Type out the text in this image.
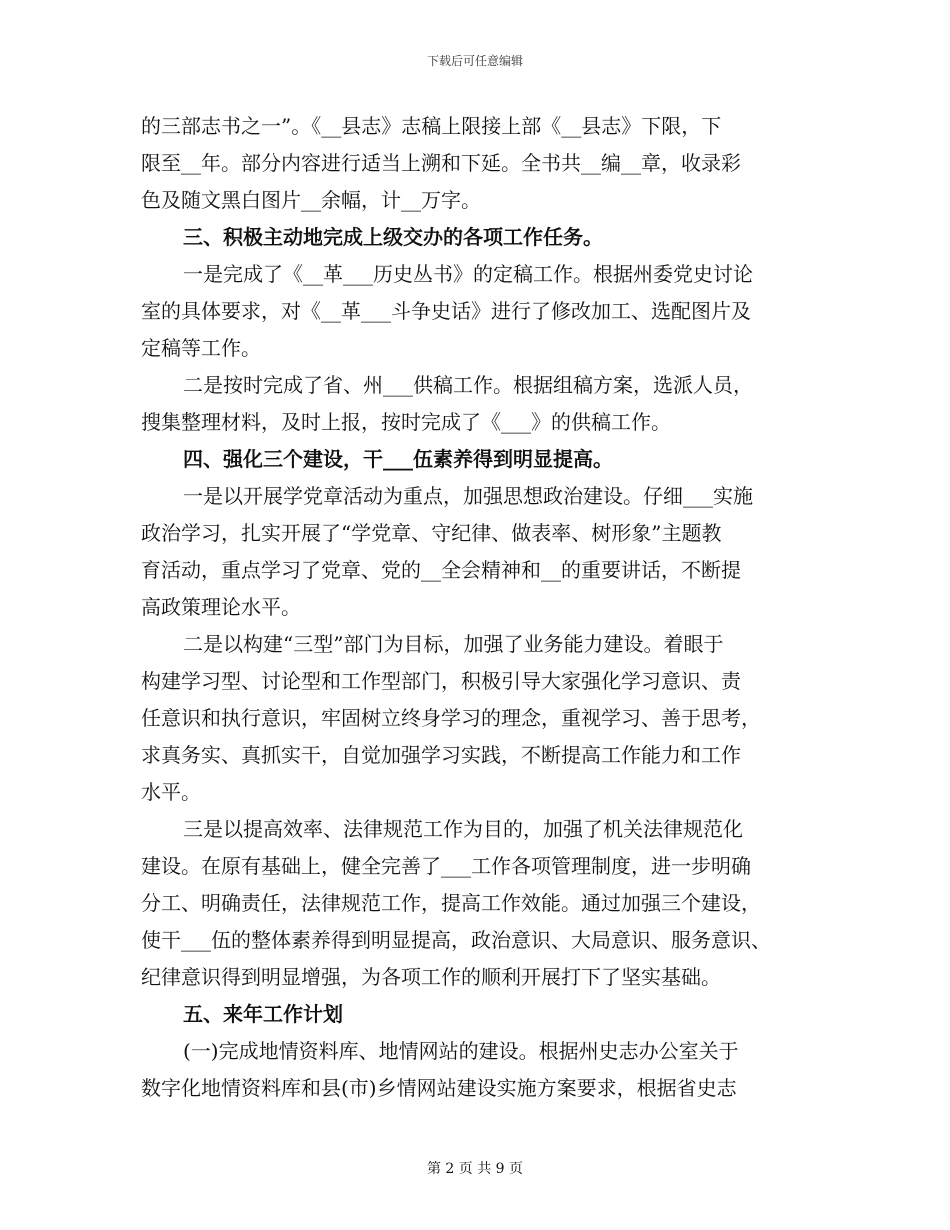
下载后可任意编辑
的三部志书之一”。《__县志》志稿上限接上部《__县志》下限，下
限至__年。部分内容进行适当上溯和下延。全书共__编__章，收录彩
色及随文黑白图片__余幅，计__万字。
三、积极主动地完成上级交办的各项工作任务。
一是完成了《__革___历史丛书》的定稿工作。根据州委党史讨论
室的具体要求，对《__革___斗争史话》进行了修改加工、选配图片及
定稿等工作。
二是按时完成了省、州___供稿工作。根据组稿方案，选派人员，
搜集整理材料，及时上报，按时完成了《___》的供稿工作。
四、强化三个建设，干___伍素养得到明显提高。
一是以开展学党章活动为重点，加强思想政治建设。仔细___实施
政治学习，扎实开展了“学党章、守纪律、做表率、树形象”主题教
育活动，重点学习了党章、党的__全会精神和__的重要讲话，不断提
高政策理论水平。
二是以构建“三型”部门为目标，加强了业务能力建设。着眼于
构建学习型、讨论型和工作型部门，积极引导大家强化学习意识、责
任意识和执行意识，牢固树立终身学习的理念，重视学习、善于思考，
求真务实、真抓实干，自觉加强学习实践，不断提高工作能力和工作
水平。
三是以提高效率、法律规范工作为目的，加强了机关法律规范化
建设。在原有基础上，健全完善了___工作各项管理制度，进一步明确
分工、明确责任，法律规范工作，提高工作效能。通过加强三个建设，
使干___伍的整体素养得到明显提高，政治意识、大局意识、服务意识、
纪律意识得到明显增强，为各项工作的顺利开展打下了坚实基础。
五、来年工作计划
(一)完成地情资料库、地情网站的建设。根据州史志办公室关于
数字化地情资料库和县(市)乡情网站建设实施方案要求，根据省史志
第 2 页 共 9 页
